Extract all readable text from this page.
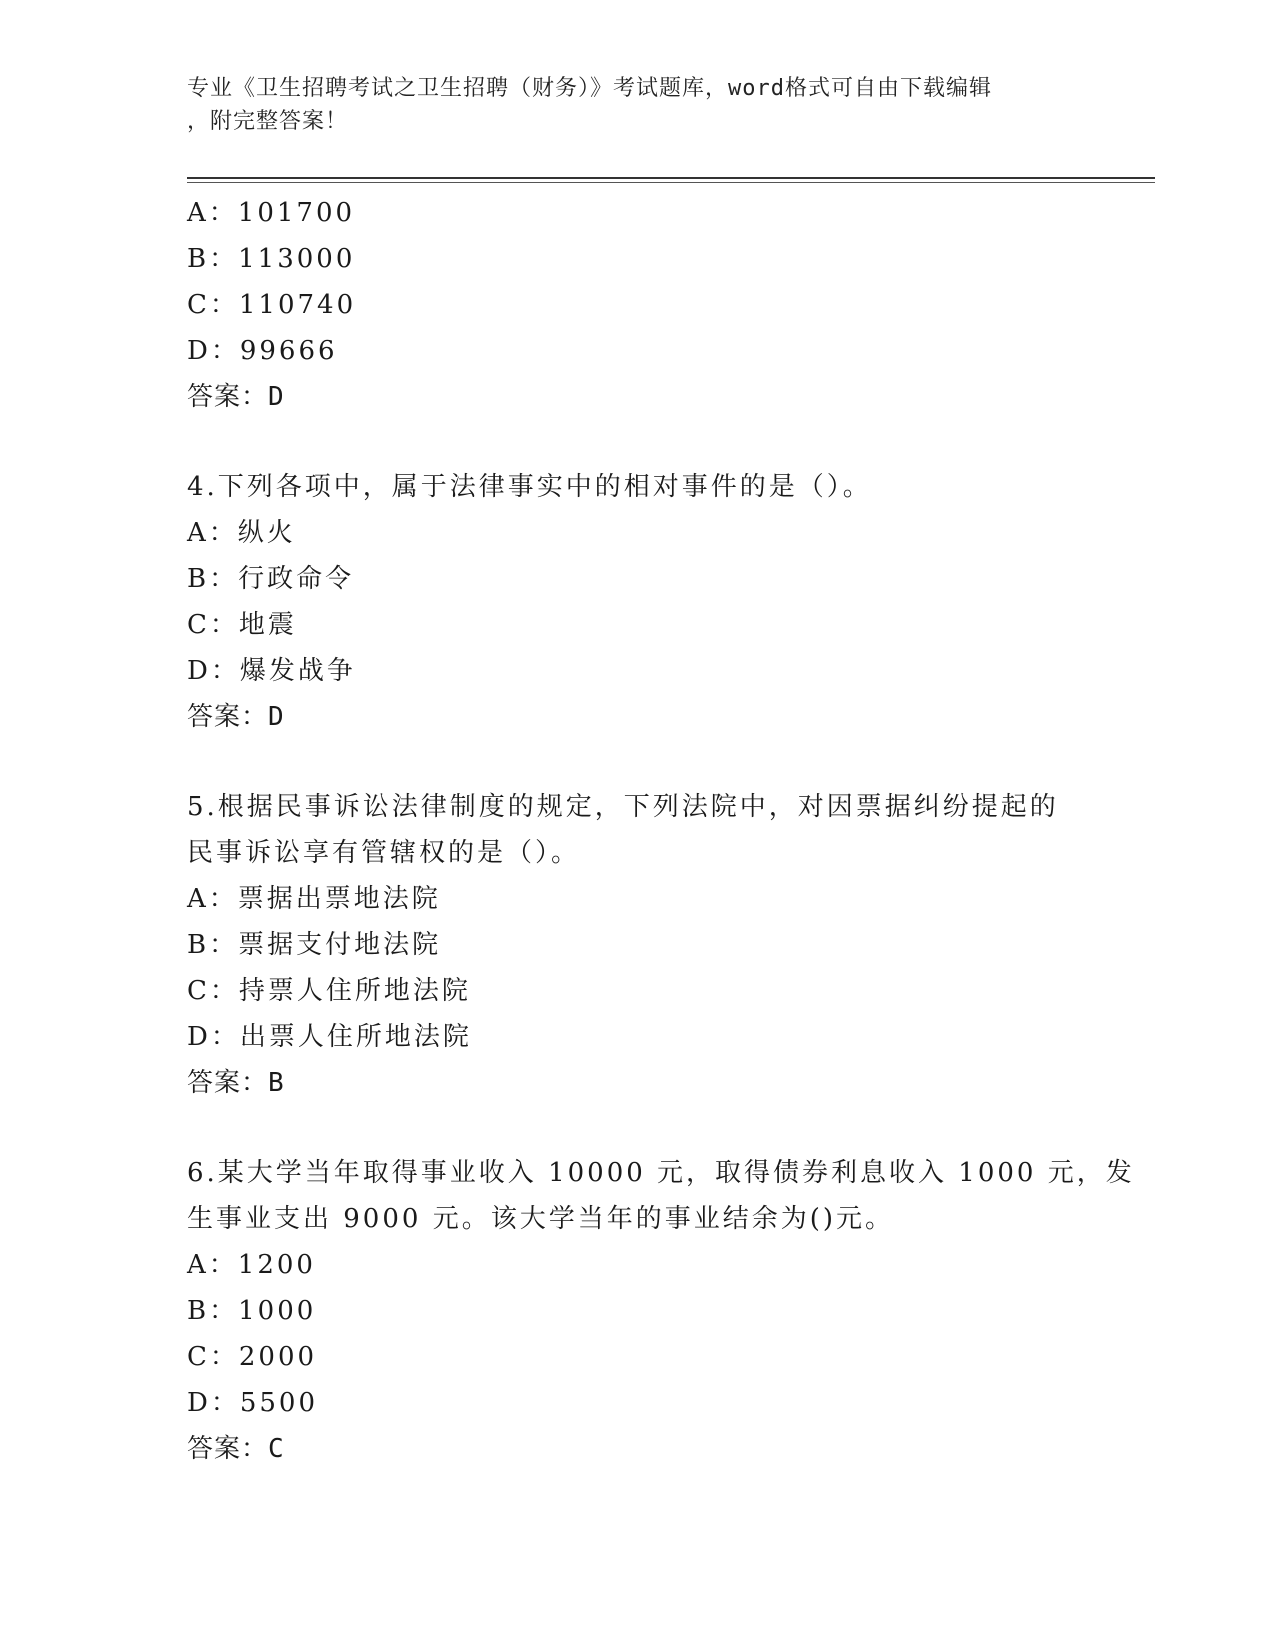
专业《卫生招聘考试之卫生招聘（财务）》考试题库，word格式可自由下载编辑
，附完整答案！
A：101700
B：113000
C：110740
D：99666
答案：D
4.下列各项中，属于法律事实中的相对事件的是（）。
A：纵火
B：行政命令
C：地震
D：爆发战争
答案：D
5.根据民事诉讼法律制度的规定，下列法院中，对因票据纠纷提起的
民事诉讼享有管辖权的是（）。
A：票据出票地法院
B：票据支付地法院
C：持票人住所地法院
D：出票人住所地法院
答案：B
6.某大学当年取得事业收入 10000 元，取得债券利息收入 1000 元，发
生事业支出 9000 元。该大学当年的事业结余为()元。
A：1200
B：1000
C：2000
D：5500
答案：C
